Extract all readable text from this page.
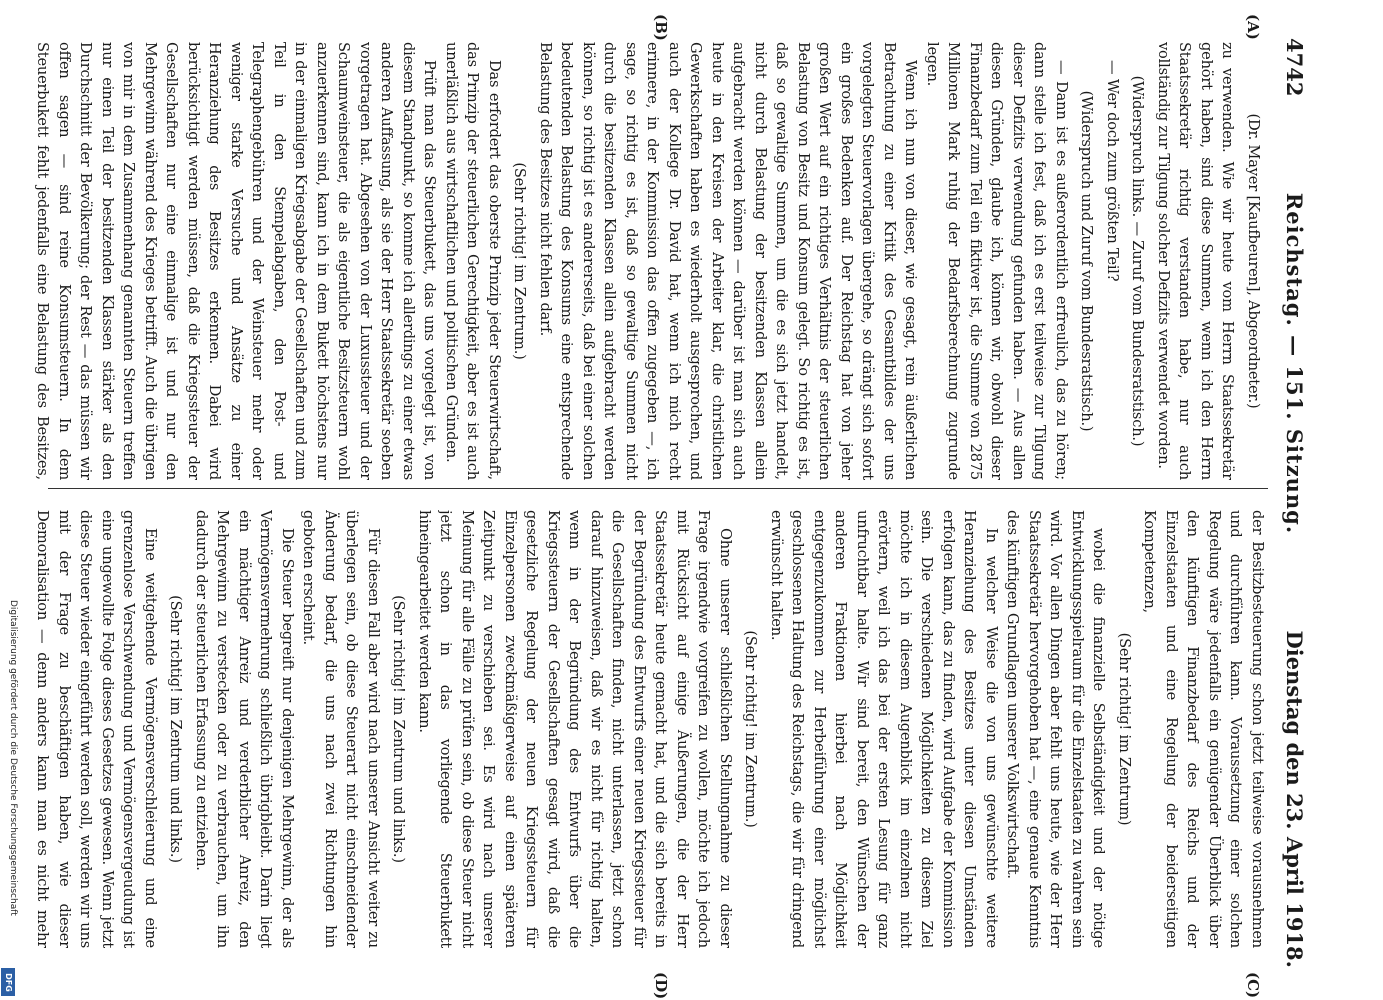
4742
Reichstag. — 151. Sitzung.
Dienstag den 23. April 1918.
(A)
(B)
(C)
(D)

(Dr. Mayer [Kaufbeuren], Abgeordneter.)

zu verwenden. Wie wir heute vom Herrn Staatssekretär gehört haben, sind diese Summen, wenn ich den Herrn Staatssekretär richtig verstanden habe, nur auch vollständig zur Tilgung solcher Defizits verwendet worden.

(Widerspruch links. — Zuruf vom Bundesratstisch.)

— Wer doch zum größten Teil?

(Widerspruch und Zuruf vom Bundesratstisch.)

— Dann ist es außerordentlich erfreulich, das zu hören; dann stelle ich fest, daß ich es erst teilweise zur Tilgung dieser Defizits verwendung gefunden haben. — Aus allen diesen Gründen, glaube ich, können wir, obwohl dieser Finanzbedarf zum Teil ein fiktiver ist, die Summe von 2875 Millionen Mark ruhig der Bedarfsberechnung zugrunde legen.

Wenn ich nun von dieser, wie gesagt, rein äußerlichen Betrachtung zu einer Kritik des Gesamtbildes der uns vorgelegten Steuervorlagen übergehe, so drängt sich sofort ein großes Bedenken auf. Der Reichstag hat von jeher großen Wert auf ein richtiges Verhältnis der steuerlichen Belastung von Besitz und Konsum gelegt. So richtig es ist, daß so gewaltige Summen, um die es sich jetzt handelt, nicht durch Belastung der besitzenden Klassen allein aufgebracht werden können — darüber ist man sich auch heute in den Kreisen der Arbeiter klar, die christlichen Gewerkschaften haben es wiederholt ausgesprochen, und auch der Kollege Dr. David hat, wenn ich mich recht erinnere, in der Kommission das offen zugegeben —, ich sage, so richtig es ist, daß so gewaltige Summen nicht durch die besitzenden Klassen allein aufgebracht werden können, so richtig ist es andererseits, daß bei einer solchen bedeutenden Belastung des Konsums eine entsprechende Belastung des Besitzes nicht fehlen darf.

(Sehr richtig! im Zentrum.)

Das erfordert das oberste Prinzip jeder Steuerwirtschaft, das Prinzip der steuerlichen Gerechtigkeit, aber es ist auch unerläßlich aus wirtschaftlichen und politischen Gründen.

Prüft man das Steuerbukett, das uns vorgelegt ist, von diesem Standpunkt, so komme ich allerdings zu einer etwas anderen Auffassung, als sie der Herr Staatssekretär soeben vorgetragen hat. Abgesehen von der Luxussteuer und der Schaumweinsteuer, die als eigentliche Besitzsteuern wohl anzuerkennen sind, kann ich in dem Bukett höchstens nur in der einmaligen Kriegsabgabe der Gesellschaften und zum Teil in den Stempelabgaben, den Post- und Telegraphengebühren und der Weinsteuer mehr oder weniger starke Versuche und Ansätze zu einer Heranziehung des Besitzes erkennen. Dabei wird berücksichtigt werden müssen, daß die Kriegssteuer der Gesellschaften nur eine einmalige ist und nur den Mehrgewinn während des Krieges betrifft. Auch die übrigen von mir in dem Zusammenhang genannten Steuern treffen nur einen Teil der besitzenden Klassen stärker als den Durchschnitt der Bevölkerung; der Rest — das müssen wir offen sagen — sind reine Konsumsteuern. In dem Steuerbukett fehlt jedenfalls eine Belastung des Besitzes,

der Besitzbesteuerung schon jetzt teilweise vorausnehmen und durchführen kann. Voraussetzung einer solchen Regelung wäre jedenfalls ein genügender Überblick über den künftigen Finanzbedarf des Reichs und der Einzelstaaten und eine Regelung der beiderseitigen Kompetenzen,

(Sehr richtig! im Zentrum)

wobei die finanzielle Selbständigkeit und der nötige Entwicklungsspielraum für die Einzelstaaten zu wahren sein wird. Vor allen Dingen aber fehlt uns heute, wie der Herr Staatssekretär hervorgehoben hat —, eine genaue Kenntnis des künftigen Grundlagen unserer Volkswirtschaft.

In welcher Weise die von uns gewünschte weitere Heranziehung des Besitzes unter diesen Umständen erfolgen kann, das zu finden, wird Aufgabe der Kommission sein. Die verschiedenen Möglichkeiten zu diesem Ziel möchte ich in diesem Augenblick im einzelnen nicht erörtern, weil ich das bei der ersten Lesung für ganz unfruchtbar halte. Wir sind bereit, den Wünschen der anderen Fraktionen hierbei nach Möglichkeit entgegenzukommen zur Herbeiführung einer möglichst geschlossenen Haltung des Reichstags, die wir für dringend erwünscht halten.

(Sehr richtig! im Zentrum.)

Ohne unserer schließlichen Stellungnahme zu dieser Frage irgendwie vorgreifen zu wollen, möchte ich jedoch mit Rücksicht auf einige Äußerungen, die der Herr Staatssekretär heute gemacht hat, und die sich bereits in der Begründung des Entwurfs einer neuen Kriegssteuer für die Gesellschaften finden, nicht unterlassen, jetzt schon darauf hinzuweisen, daß wir es nicht für richtig halten, wenn in der Begründung des Entwurfs über die Kriegssteuern der Gesellschaften gesagt wird, daß die gesetzliche Regelung der neuen Kriegssteuern für Einzelpersonen zweckmäßigerweise auf einen späteren Zeitpunkt zu verschieben sei. Es wird nach unserer Meinung für alle Fälle zu prüfen sein, ob diese Steuer nicht jetzt schon in das vorliegende Steuerbukett hineingearbeitet werden kann.

(Sehr richtig! im Zentrum und links.)

Für diesen Fall aber wird nach unserer Ansicht weiter zu überlegen sein, ob diese Steuerart nicht einschneidender Änderung bedarf, die uns nach zwei Richtungen hin geboten erscheint.

Die Steuer begreift nur denjenigen Mehrgewinn, der als Vermögensvermehrung schließlich übrigbleibt. Darin liegt ein mächtiger Anreiz und verderblicher Anreiz, den Mehrgewinn zu verstecken oder zu verbrauchen, um ihn dadurch der steuerlichen Erfassung zu entziehen.

(Sehr richtig! im Zentrum und links.)

Eine weitgehende Vermögensverschleierung und eine grenzenlose Verschwendung und Vermögensvergeudung ist eine ungewollte Folge dieses Gesetzes gewesen. Wenn jetzt diese Steuer wieder eingeführt werden soll, werden wir uns mit der Frage zu beschäftigen haben, wie dieser Demoralisation — denn anders kann man es nicht mehr

Digitalisierung gefördert durch die Deutsche Forschungsgemeinschaft
DFG
